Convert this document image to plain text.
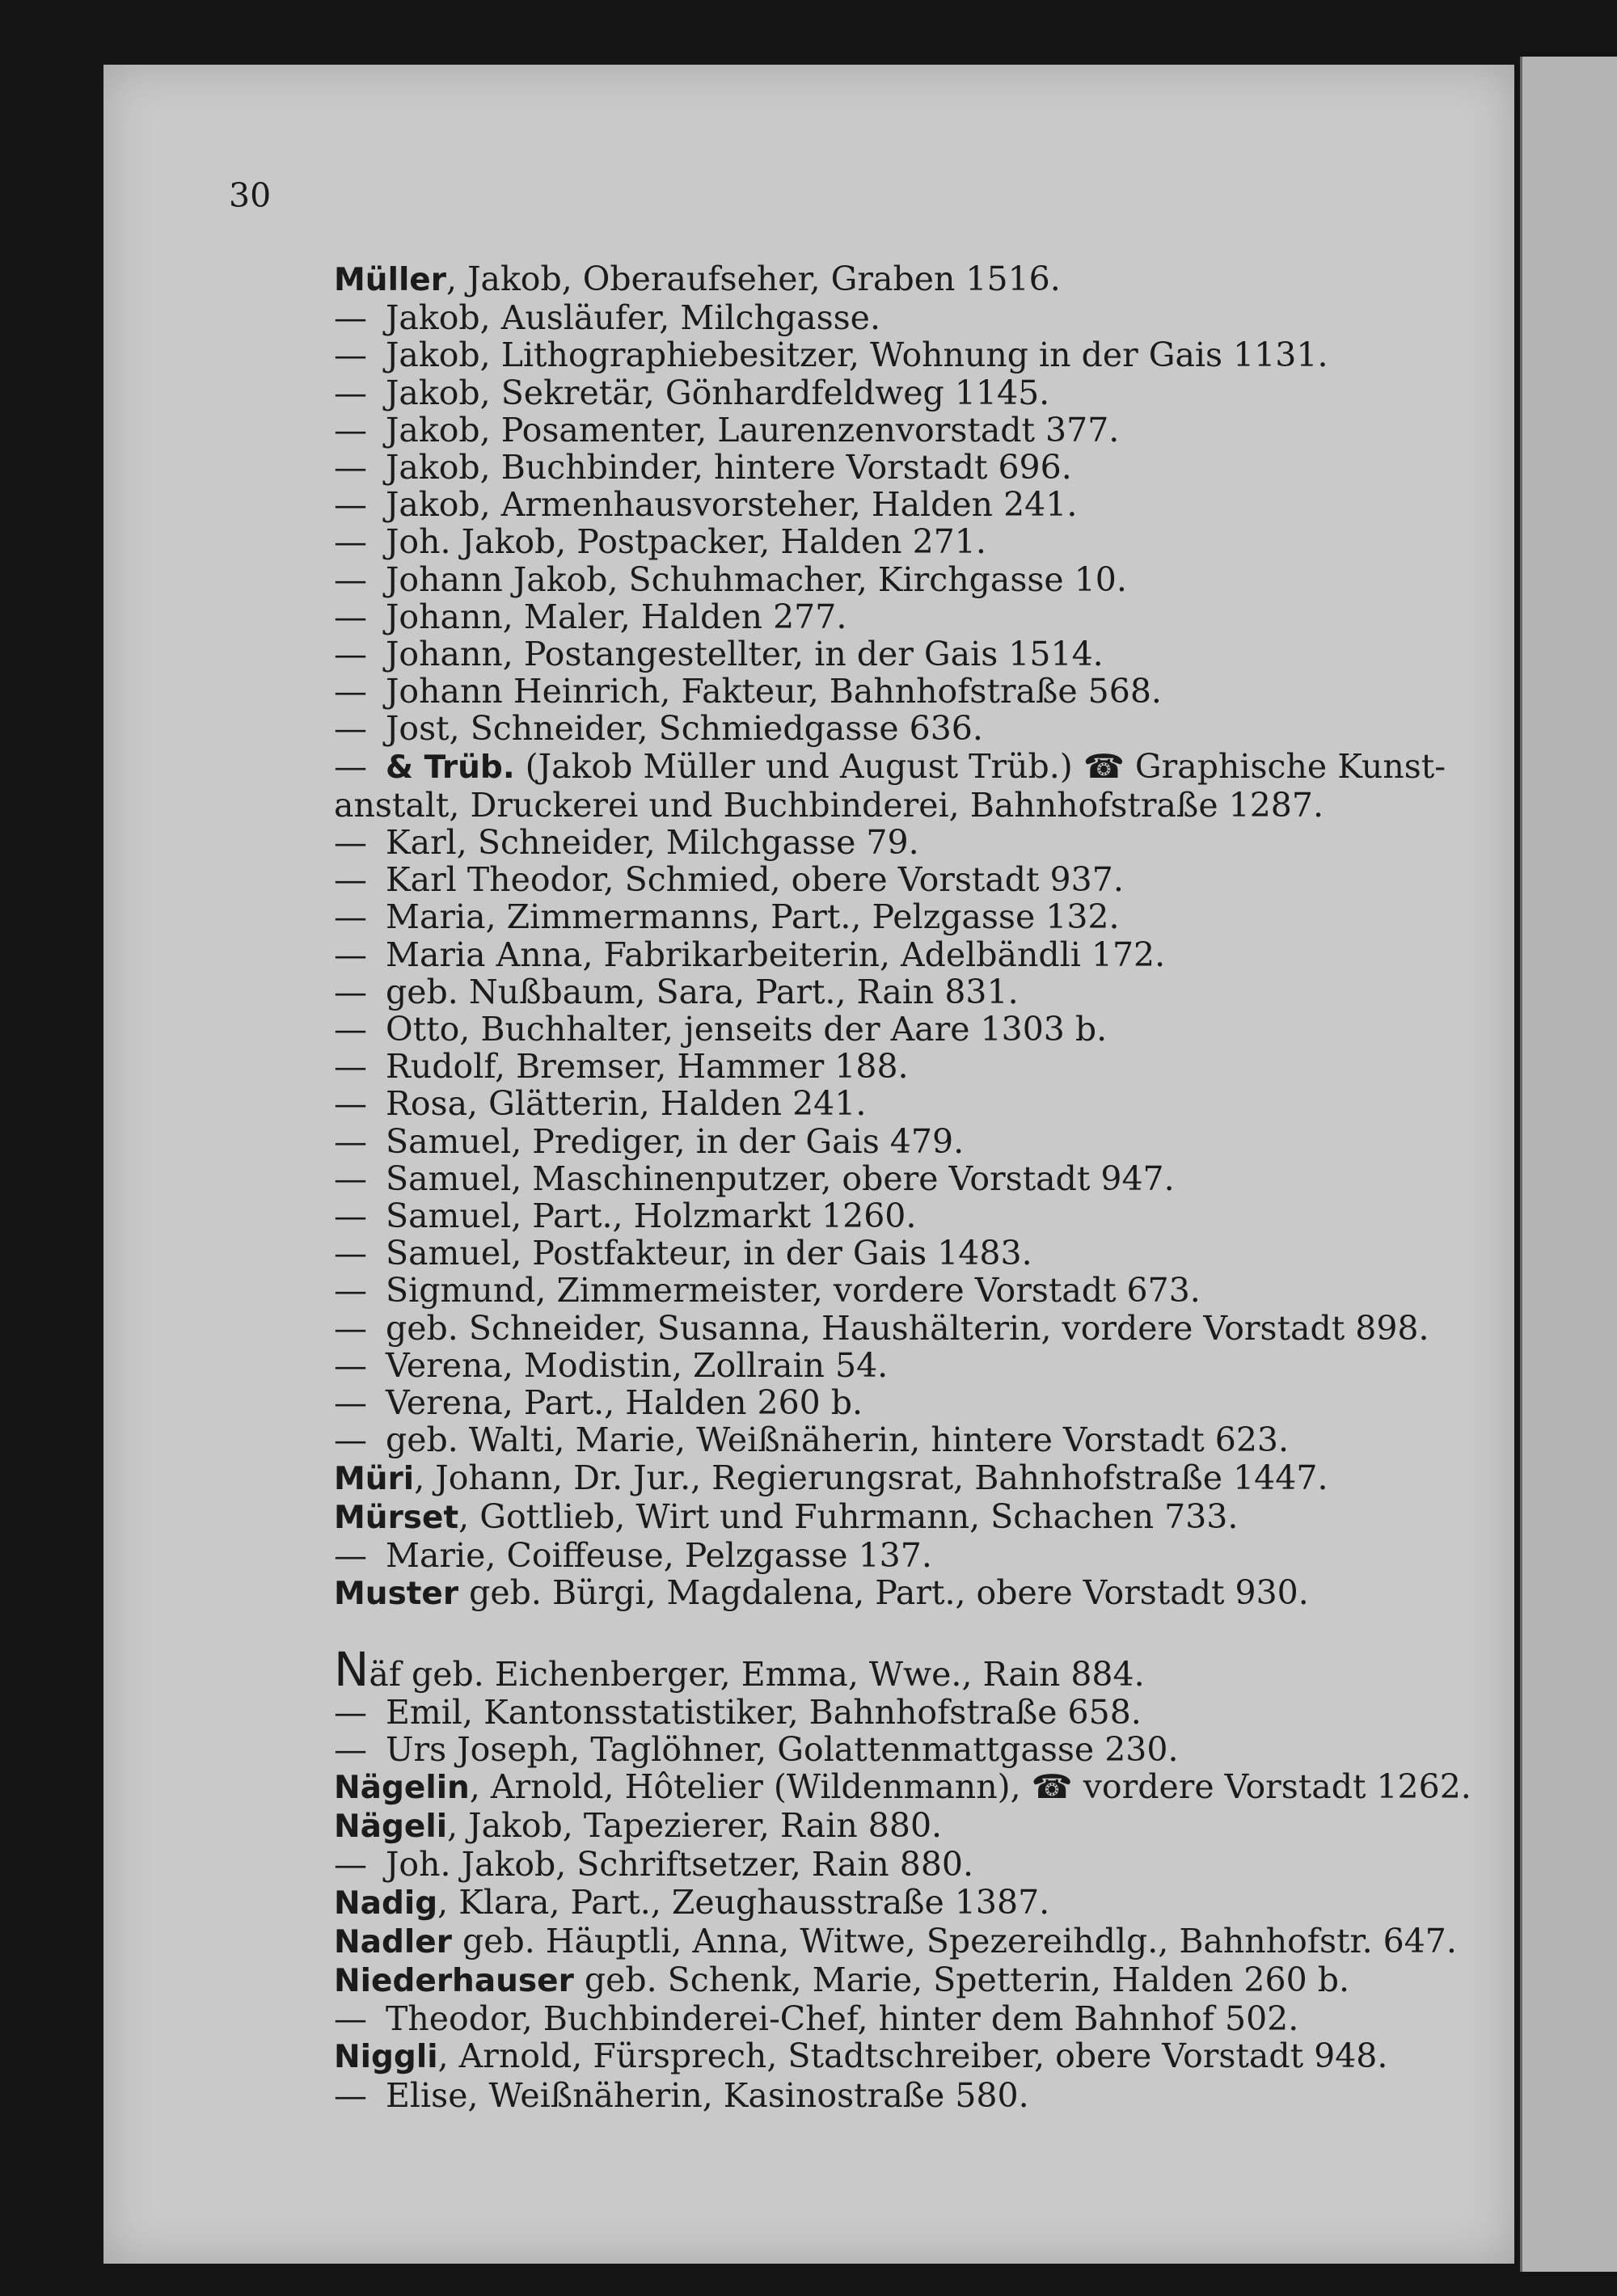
30
Müller, Jakob, Oberaufseher, Graben 1516.
— Jakob, Ausläufer, Milchgasse.
— Jakob, Lithographiebesitzer, Wohnung in der Gais 1131.
— Jakob, Sekretär, Gönhardfeldweg 1145.
— Jakob, Posamenter, Laurenzenvorstadt 377.
— Jakob, Buchbinder, hintere Vorstadt 696.
— Jakob, Armenhausvorsteher, Halden 241.
— Joh. Jakob, Postpacker, Halden 271.
— Johann Jakob, Schuhmacher, Kirchgasse 10.
— Johann, Maler, Halden 277.
— Johann, Postangestellter, in der Gais 1514.
— Johann Heinrich, Fakteur, Bahnhofstraße 568.
— Jost, Schneider, Schmiedgasse 636.
— & Trüb. (Jakob Müller und August Trüb.) ☎ Graphische Kunst-
anstalt, Druckerei und Buchbinderei, Bahnhofstraße 1287.
— Karl, Schneider, Milchgasse 79.
— Karl Theodor, Schmied, obere Vorstadt 937.
— Maria, Zimmermanns, Part., Pelzgasse 132.
— Maria Anna, Fabrikarbeiterin, Adelbändli 172.
— geb. Nußbaum, Sara, Part., Rain 831.
— Otto, Buchhalter, jenseits der Aare 1303 b.
— Rudolf, Bremser, Hammer 188.
— Rosa, Glätterin, Halden 241.
— Samuel, Prediger, in der Gais 479.
— Samuel, Maschinenputzer, obere Vorstadt 947.
— Samuel, Part., Holzmarkt 1260.
— Samuel, Postfakteur, in der Gais 1483.
— Sigmund, Zimmermeister, vordere Vorstadt 673.
— geb. Schneider, Susanna, Haushälterin, vordere Vorstadt 898.
— Verena, Modistin, Zollrain 54.
— Verena, Part., Halden 260 b.
— geb. Walti, Marie, Weißnäherin, hintere Vorstadt 623.
Müri, Johann, Dr. Jur., Regierungsrat, Bahnhofstraße 1447.
Mürset, Gottlieb, Wirt und Fuhrmann, Schachen 733.
— Marie, Coiffeuse, Pelzgasse 137.
Muster geb. Bürgi, Magdalena, Part., obere Vorstadt 930.
Näf geb. Eichenberger, Emma, Wwe., Rain 884.
— Emil, Kantonsstatistiker, Bahnhofstraße 658.
— Urs Joseph, Taglöhner, Golattenmattgasse 230.
Nägelin, Arnold, Hôtelier (Wildenmann), ☎ vordere Vorstadt 1262.
Nägeli, Jakob, Tapezierer, Rain 880.
— Joh. Jakob, Schriftsetzer, Rain 880.
Nadig, Klara, Part., Zeughausstraße 1387.
Nadler geb. Häuptli, Anna, Witwe, Spezereihdlg., Bahnhofstr. 647.
Niederhauser geb. Schenk, Marie, Spetterin, Halden 260 b.
— Theodor, Buchbinderei-Chef, hinter dem Bahnhof 502.
Niggli, Arnold, Fürsprech, Stadtschreiber, obere Vorstadt 948.
— Elise, Weißnäherin, Kasinostraße 580.
